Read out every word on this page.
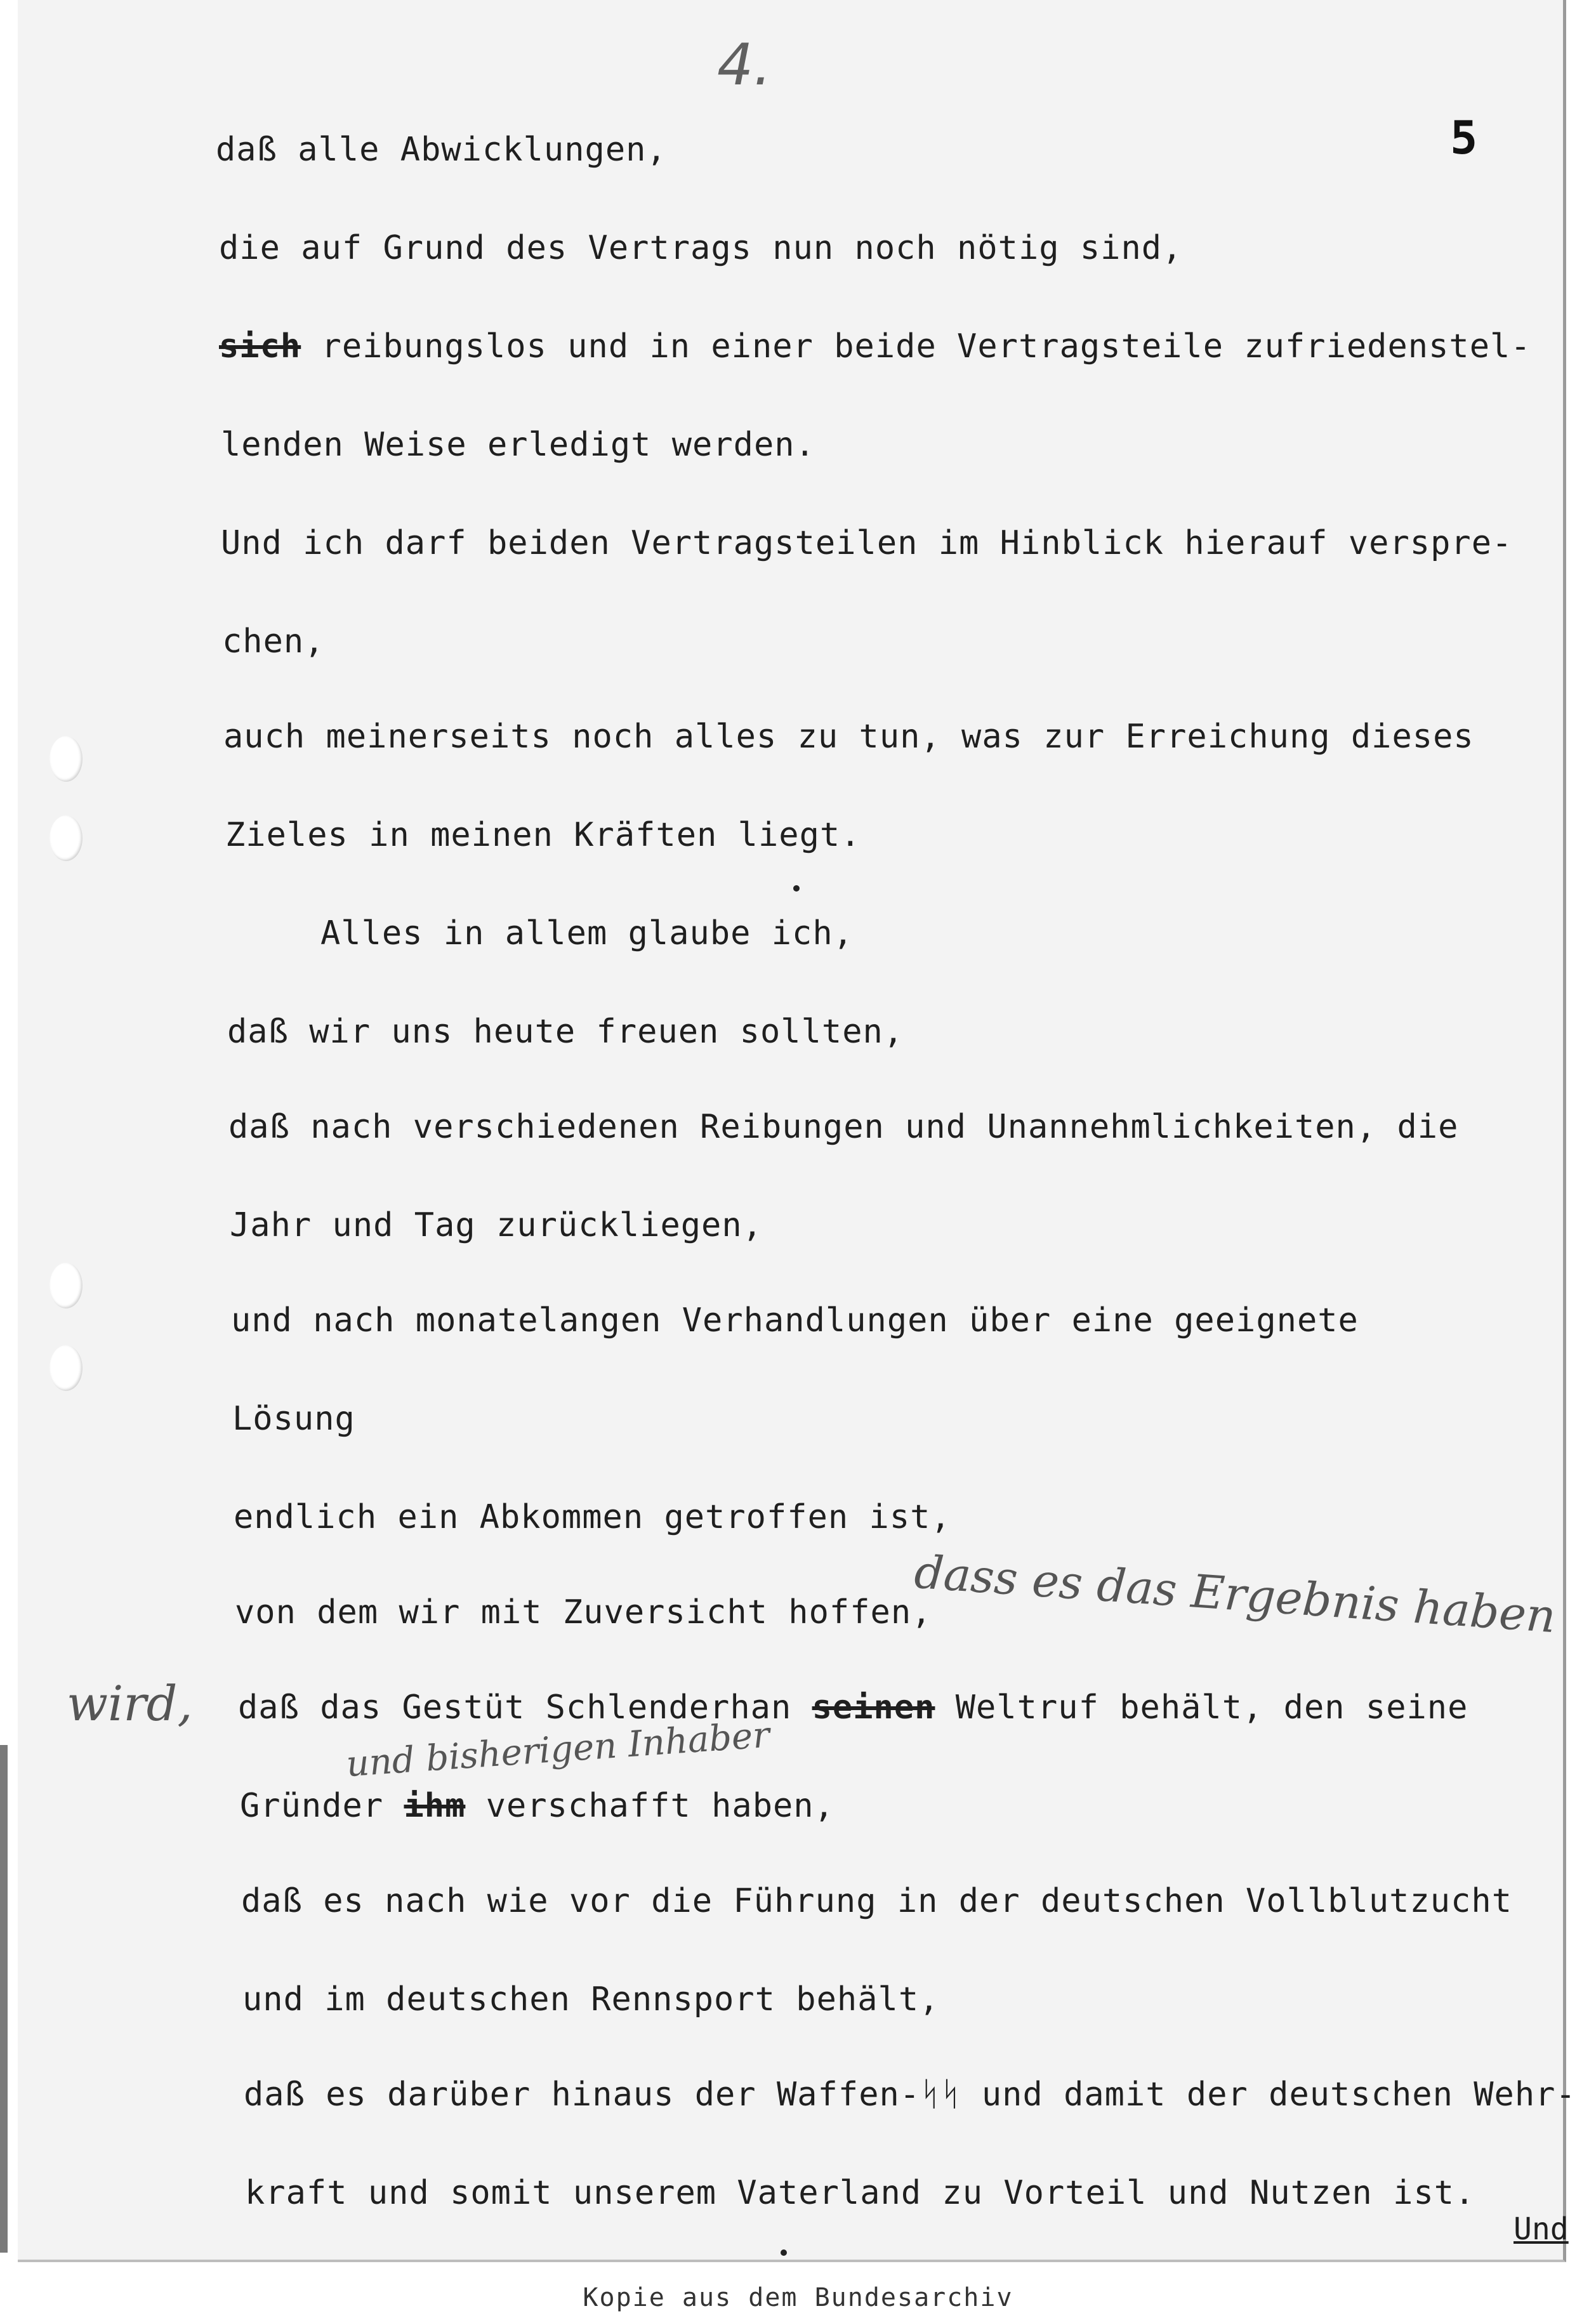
4.
5
daß alle Abwicklungen,
die auf Grund des Vertrags nun noch nötig sind,
sich reibungslos und in einer beide Vertragsteile zufriedenstel-
lenden Weise erledigt werden.
Und ich darf beiden Vertragsteilen im Hinblick hierauf verspre-
chen,
auch meinerseits noch alles zu tun, was zur Erreichung dieses
Zieles in meinen Kräften liegt.
Alles in allem glaube ich,
daß wir uns heute freuen sollten,
daß nach verschiedenen Reibungen und Unannehmlichkeiten, die
Jahr und Tag zurückliegen,
und nach monatelangen Verhandlungen über eine geeignete
Lösung
endlich ein Abkommen getroffen ist,
von dem wir mit Zuversicht hoffen,
dass es das Ergebnis haben
wird, daß das Gestüt Schlenderhan seinen Weltruf behält, den seine
und bisherigen Inhaber
Gründer ihm verschafft haben,
daß es nach wie vor die Führung in der deutschen Vollblutzucht
und im deutschen Rennsport behält,
daß es darüber hinaus der Waffen-ᛋᛋ und damit der deutschen Wehr-
kraft und somit unserem Vaterland zu Vorteil und Nutzen ist.
Und
Kopie aus dem Bundesarchiv
